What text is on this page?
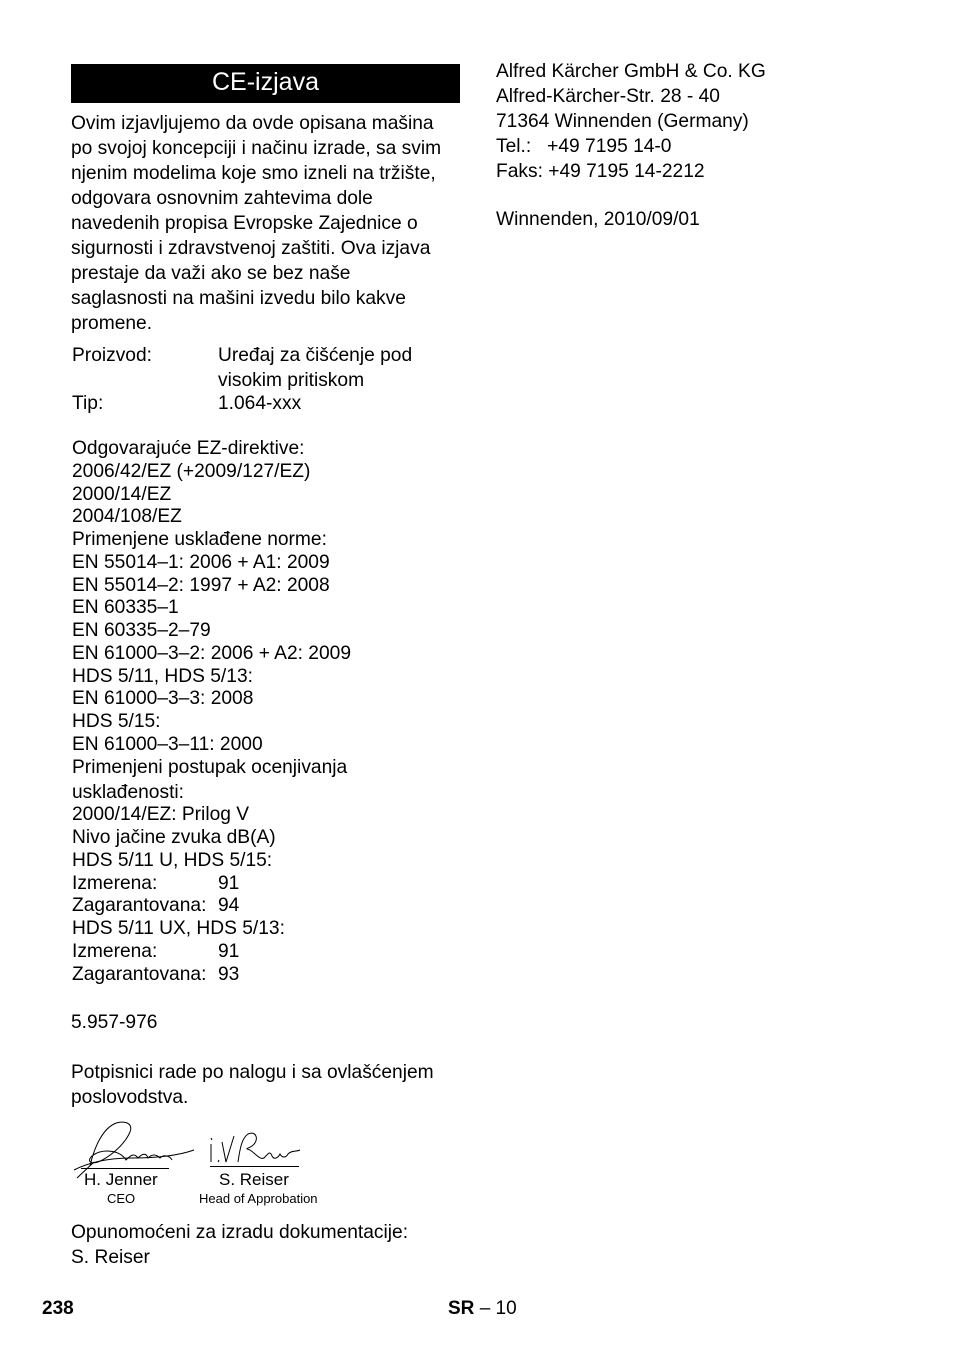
CE-izjava
Ovim izjavljujemo da ovde opisana mašina
po svojoj koncepciji i načinu izrade, sa svim
njenim modelima koje smo izneli na tržište,
odgovara osnovnim zahtevima dole
navedenih propisa Evropske Zajednice o
sigurnosti i zdravstvenoj zaštiti. Ova izjava
prestaje da važi ako se bez naše
saglasnosti na mašini izvedu bilo kakve
promene.
Proizvod:	Uređaj za čišćenje pod
visokim pritiskom
Tip:	1.064-xxx
Odgovarajuće EZ-direktive:
2006/42/EZ (+2009/127/EZ)
2000/14/EZ
2004/108/EZ
Primenjene usklađene norme:
EN 55014–1: 2006 + A1: 2009
EN 55014–2: 1997 + A2: 2008
EN 60335–1
EN 60335–2–79
EN 61000–3–2: 2006 + A2: 2009
HDS 5/11, HDS 5/13:
EN 61000–3–3: 2008
HDS 5/15:
EN 61000–3–11: 2000
Primenjeni postupak ocenjivanja
usklađenosti:
2000/14/EZ: Prilog V
Nivo jačine zvuka dB(A)
HDS 5/11 U, HDS 5/15:
Izmerena:	91
Zagarantovana: 94
HDS 5/11 UX, HDS 5/13:
Izmerena:	91
Zagarantovana: 93
5.957-976
Potpisnici rade po nalogu i sa ovlašćenjem
poslovodstva.
H. Jenner	S. Reiser
CEO	Head of Approbation
Opunomoćeni za izradu dokumentacije:
S. Reiser
Alfred Kärcher GmbH & Co. KG
Alfred-Kärcher-Str. 28 - 40
71364 Winnenden (Germany)
Tel.:   +49 7195 14-0
Faks: +49 7195 14-2212
Winnenden, 2010/09/01
238	SR – 10
